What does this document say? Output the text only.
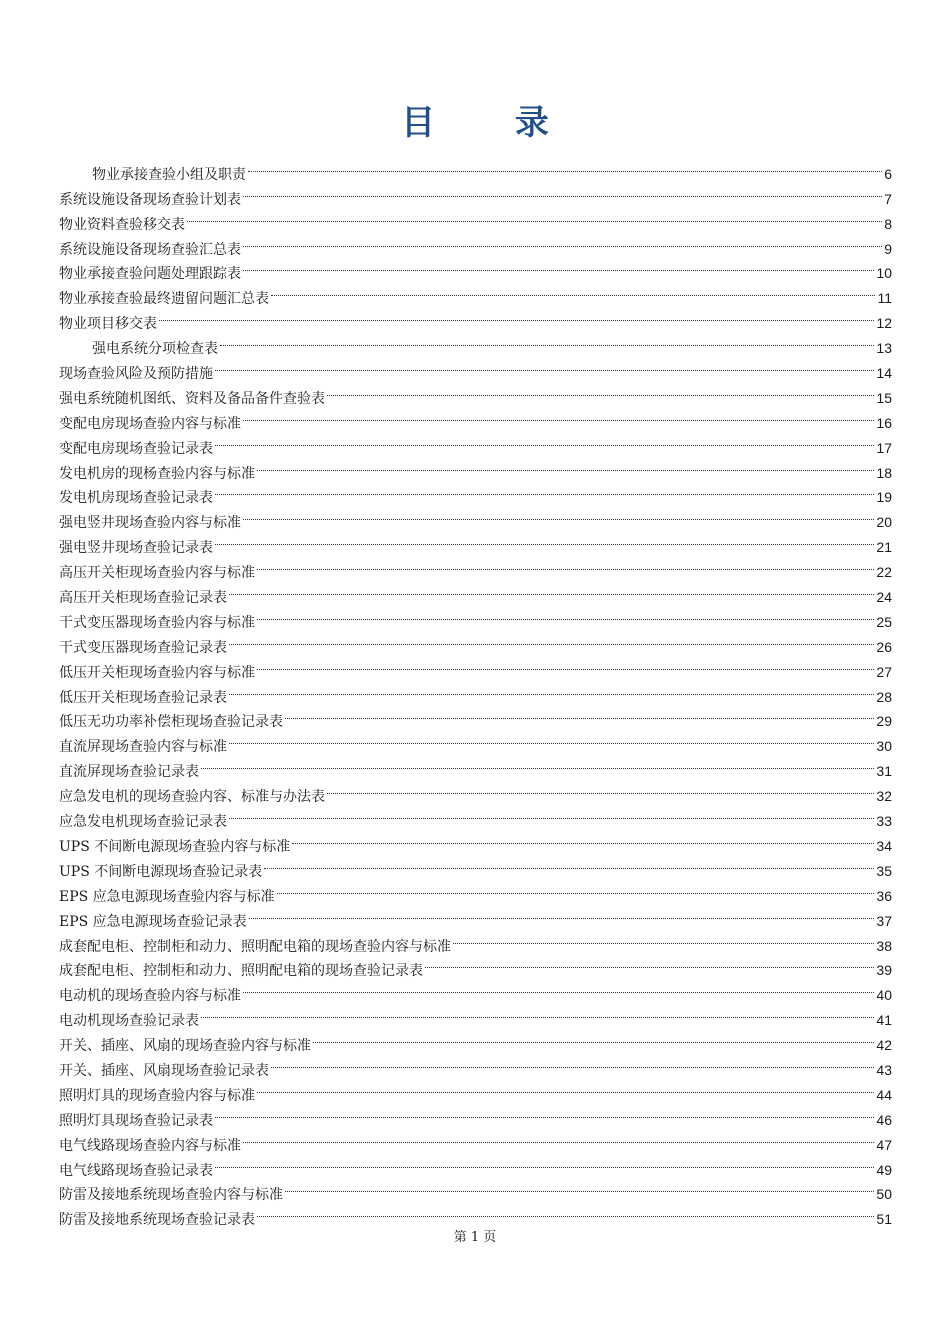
目 录
物业承接查验小组及职责	6
系统设施设备现场查验计划表	7
物业资料查验移交表	8
系统设施设备现场查验汇总表	9
物业承接查验问题处理跟踪表	10
物业承接查验最终遗留问题汇总表	11
物业项目移交表	12
强电系统分项检查表	13
现场查验风险及预防措施	14
强电系统随机图纸、资料及备品备件查验表	15
变配电房现场查验内容与标准	16
变配电房现场查验记录表	17
发电机房的现杨查验内容与标准	18
发电机房现场查验记录表	19
强电竖井现场查验内容与标准	20
强电竖井现场查验记录表	21
高压开关柜现场查验内容与标准	22
高压开关柜现场查验记录表	24
干式变压器现场查验内容与标准	25
干式变压器现场查验记录表	26
低压开关柜现场查验内容与标准	27
低压开关柜现场查验记录表	28
低压无功功率补偿柜现场查验记录表	29
直流屏现场查验内容与标准	30
直流屏现场查验记录表	31
应急发电机的现场查验内容、标准与办法表	32
应急发电机现场查验记录表	33
UPS 不间断电源现场查验内容与标准	34
UPS 不间断电源现场查验记录表	35
EPS 应急电源现场查验内容与标准	36
EPS 应急电源现场查验记录表	37
成套配电柜、控制柜和动力、照明配电箱的现场查验内容与标准	38
成套配电柜、控制柜和动力、照明配电箱的现场查验记录表	39
电动机的现场查验内容与标准	40
电动机现场查验记录表	41
开关、插座、风扇的现场查验内容与标准	42
开关、插座、风扇现场查验记录表	43
照明灯具的现场查验内容与标准	44
照明灯具现场查验记录表	46
电气线路现场查验内容与标准	47
电气线路现场查验记录表	49
防雷及接地系统现场查验内容与标准	50
防雷及接地系统现场查验记录表	51
第 1 页
